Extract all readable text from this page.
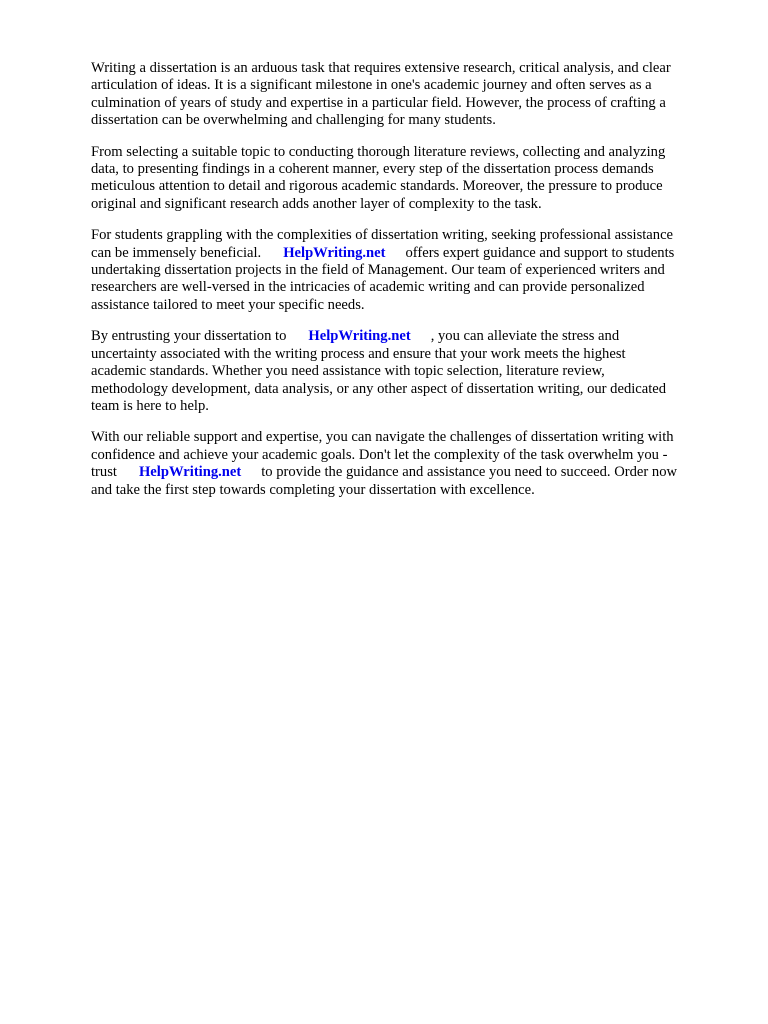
Writing a dissertation is an arduous task that requires extensive research, critical analysis, and clear
articulation of ideas. It is a significant milestone in one's academic journey and often serves as a
culmination of years of study and expertise in a particular field. However, the process of crafting a
dissertation can be overwhelming and challenging for many students.

From selecting a suitable topic to conducting thorough literature reviews, collecting and analyzing
data, to presenting findings in a coherent manner, every step of the dissertation process demands
meticulous attention to detail and rigorous academic standards. Moreover, the pressure to produce
original and significant research adds another layer of complexity to the task.

For students grappling with the complexities of dissertation writing, seeking professional assistance
can be immensely beneficial. HelpWriting.net offers expert guidance and support to students
undertaking dissertation projects in the field of Management. Our team of experienced writers and
researchers are well-versed in the intricacies of academic writing and can provide personalized
assistance tailored to meet your specific needs.

By entrusting your dissertation to HelpWriting.net , you can alleviate the stress and
uncertainty associated with the writing process and ensure that your work meets the highest
academic standards. Whether you need assistance with topic selection, literature review,
methodology development, data analysis, or any other aspect of dissertation writing, our dedicated
team is here to help.

With our reliable support and expertise, you can navigate the challenges of dissertation writing with
confidence and achieve your academic goals. Don't let the complexity of the task overwhelm you -
trust HelpWriting.net to provide the guidance and assistance you need to succeed. Order now
and take the first step towards completing your dissertation with excellence.
